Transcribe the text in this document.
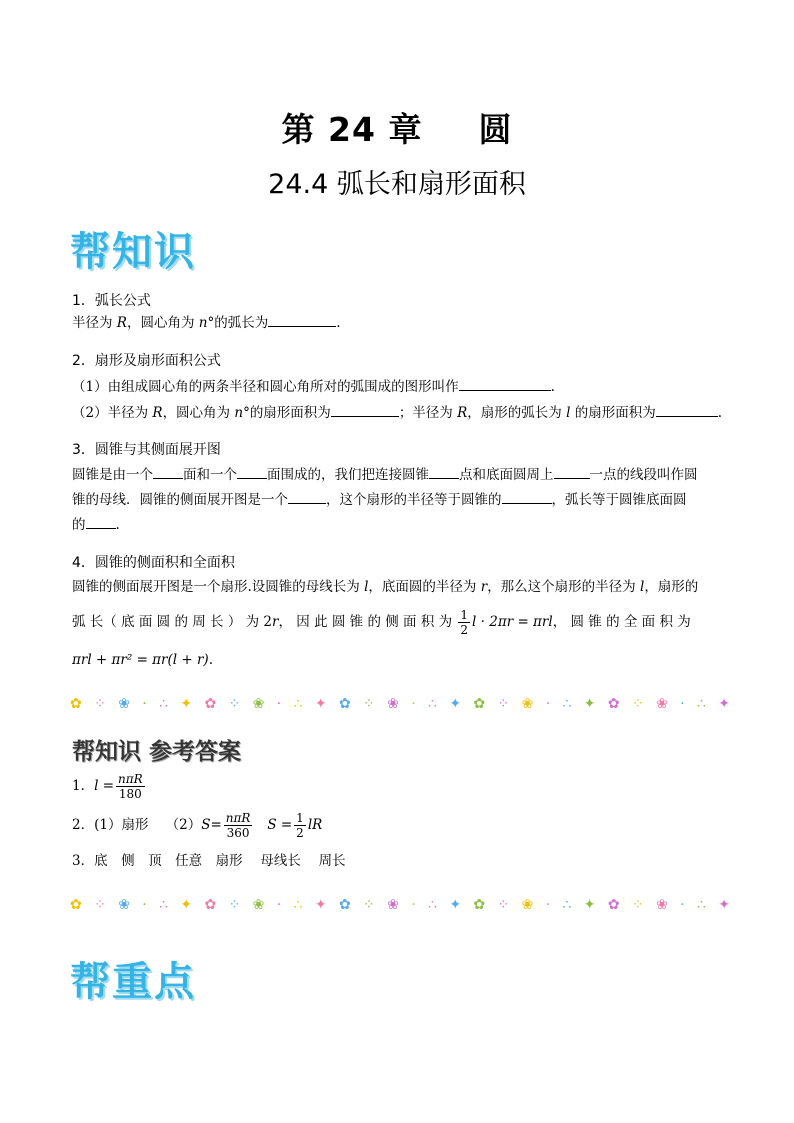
第 24 章 圆
24.4 弧长和扇形面积
帮知识

1．弧长公式

半径为 R，圆心角为 n°的弧长为	.

2．扇形及扇形面积公式

（1）由组成圆心角的两条半径和圆心角所对的弧围成的图形叫作	.

（2）半径为 R，圆心角为 n°的扇形面积为	；半径为 R，扇形的弧长为 l 的扇形面积为	.

3．圆锥与其侧面展开图

圆锥是由一个 面和一个 面围成的，我们把连接圆锥 点和底面圆周上	一点的线段叫作圆

锥的母线．圆锥的侧面展开图是一个	，这个扇形的半径等于圆锥的	，弧长等于圆锥底面圆

的 .

4．圆锥的侧面积和全面积

圆锥的侧面展开图是一个扇形.设圆锥的母线长为 l，底面圆的半径为 r，那么这个扇形的半径为 l，扇形的

弧 长（ 底 面 圆 的 周 长 ） 为 2r， 因 此 圆 锥 的 侧 面 积 为 $\frac{1}{2}$ l · 2πr = πrl， 圆 锥 的 全 面 积 为

πrl + πr² = πr(l + r).

✿ ⁘ ❀ · ∴ ✦ ✿ ⁘ ❀ · ∴ ✦ ✿ ⁘ ❀ · ∴ ✦ ✿ ⁘ ❀ · ∴ ✦ ✿ ⁘ ❀ · ∴ ✦
帮知识 参考答案

1．$l = \frac{\text{nπR}}{180}$

2．(1）扇形 $(2)S= \frac{\text{nπR}}{360}$ $S = \frac{1}{2}$ lR

3．底　侧　顶　任意　扇形　 母线长　 周长

✿ ⁘ ❀ · ∴ ✦ ✿ ⁘ ❀ · ∴ ✦ ✿ ⁘ ❀ · ∴ ✦ ✿ ⁘ ❀ · ∴ ✦ ✿ ⁘ ❀ · ∴ ✦
帮重点
